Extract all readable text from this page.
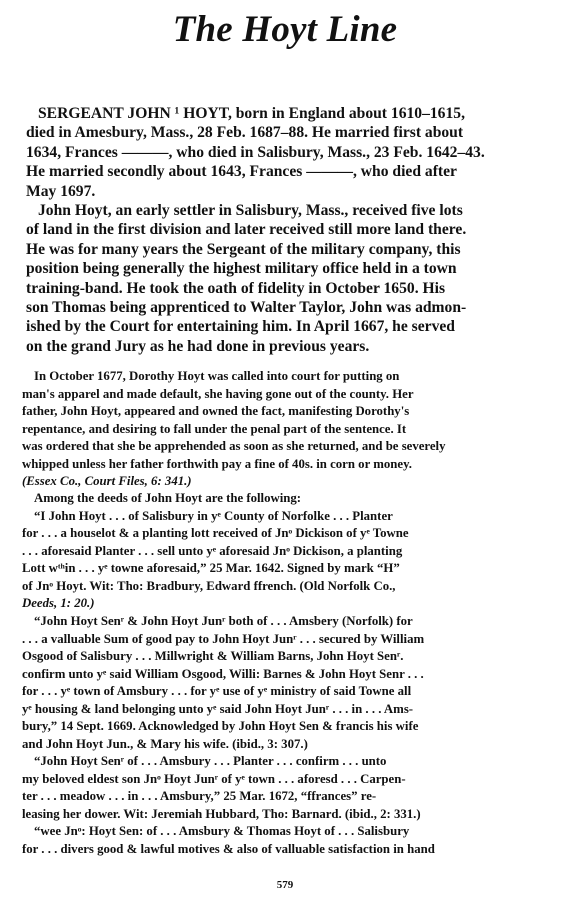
The Hoyt Line
SERGEANT JOHN ¹ HOYT, born in England about 1610–1615,
died in Amesbury, Mass., 28 Feb. 1687–88. He married first about
1634, Frances ———, who died in Salisbury, Mass., 23 Feb. 1642–43.
He married secondly about 1643, Frances ———, who died after
May 1697.
John Hoyt, an early settler in Salisbury, Mass., received five lots
of land in the first division and later received still more land there.
He was for many years the Sergeant of the military company, this
position being generally the highest military office held in a town
training-band. He took the oath of fidelity in October 1650. His
son Thomas being apprenticed to Walter Taylor, John was admon-
ished by the Court for entertaining him. In April 1667, he served
on the grand Jury as he had done in previous years.
In October 1677, Dorothy Hoyt was called into court for putting on
man's apparel and made default, she having gone out of the county. Her
father, John Hoyt, appeared and owned the fact, manifesting Dorothy's
repentance, and desiring to fall under the penal part of the sentence. It
was ordered that she be apprehended as soon as she returned, and be severely
whipped unless her father forthwith pay a fine of 40s. in corn or money.
(Essex Co., Court Files, 6: 341.)
Among the deeds of John Hoyt are the following:
“I John Hoyt . . . of Salisbury in yᵉ County of Norfolke . . . Planter
for . . . a houselot & a planting lott received of Jnᵒ Dickison of yᵉ Towne
. . . aforesaid Planter . . . sell unto yᵉ aforesaid Jnᵒ Dickison, a planting
Lott wᵗʰin . . . yᵉ towne aforesaid,” 25 Mar. 1642. Signed by mark “H”
of Jnᵒ Hoyt. Wit: Tho: Bradbury, Edward ffrench. (Old Norfolk Co.,
Deeds, 1: 20.)
“John Hoyt Senʳ & John Hoyt Junʳ both of . . . Amsbery (Norfolk) for
. . . a valluable Sum of good pay to John Hoyt Junʳ . . . secured by William
Osgood of Salisbury . . . Millwright & William Barns, John Hoyt Senʳ.
confirm unto yᵉ said William Osgood, Willi: Barnes & John Hoyt Senr . . .
for . . . yᵉ town of Amsbury . . . for yᵉ use of yᵉ ministry of said Towne all
yᵉ housing & land belonging unto yᵉ said John Hoyt Junʳ . . . in . . . Ams-
bury,” 14 Sept. 1669. Acknowledged by John Hoyt Sen & francis his wife
and John Hoyt Jun., & Mary his wife. (ibid., 3: 307.)
“John Hoyt Senʳ of . . . Amsbury . . . Planter . . . confirm . . . unto
my beloved eldest son Jnᵒ Hoyt Junʳ of yᵉ town . . . aforesd . . . Carpen-
ter . . . meadow . . . in . . . Amsbury,” 25 Mar. 1672, “ffrances” re-
leasing her dower. Wit: Jeremiah Hubbard, Tho: Barnard. (ibid., 2: 331.)
“wee Jnᵒ: Hoyt Sen: of . . . Amsbury & Thomas Hoyt of . . . Salisbury
for . . . divers good & lawful motives & also of valluable satisfaction in hand
579
